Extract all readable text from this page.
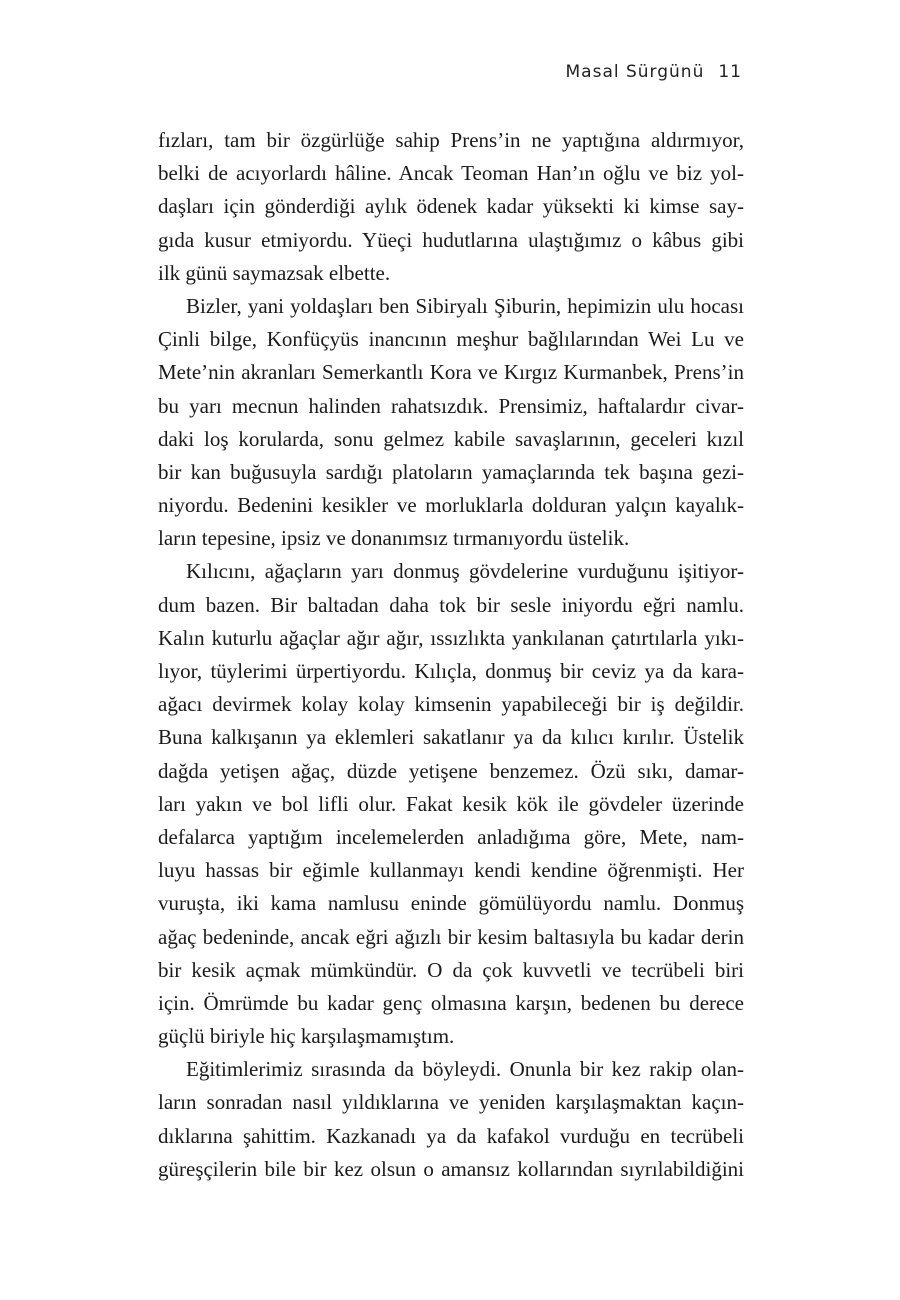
Masal Sürgünü 11

fızları, tam bir özgürlüğe sahip Prens’in ne yaptığına aldırmıyor,
belki de acıyorlardı hâline. Ancak Teoman Han’ın oğlu ve biz yol-
daşları için gönderdiği aylık ödenek kadar yüksekti ki kimse say-
gıda kusur etmiyordu. Yüeçi hudutlarına ulaştığımız o kâbus gibi
ilk günü saymazsak elbette.

Bizler, yani yoldaşları ben Sibiryalı Şiburin, hepimizin ulu hocası
Çinli bilge, Konfüçyüs inancının meşhur bağlılarından Wei Lu ve
Mete’nin akranları Semerkantlı Kora ve Kırgız Kurmanbek, Prens’in
bu yarı mecnun halinden rahatsızdık. Prensimiz, haftalardır civar-
daki loş korularda, sonu gelmez kabile savaşlarının, geceleri kızıl
bir kan buğusuyla sardığı platoların yamaçlarında tek başına gezi-
niyordu. Bedenini kesikler ve morluklarla dolduran yalçın kayalık-
ların tepesine, ipsiz ve donanımsız tırmanıyordu üstelik.

Kılıcını, ağaçların yarı donmuş gövdelerine vurduğunu işitiyor-
dum bazen. Bir baltadan daha tok bir sesle iniyordu eğri namlu.
Kalın kuturlu ağaçlar ağır ağır, ıssızlıkta yankılanan çatırtılarla yıkı-
lıyor, tüylerimi ürpertiyordu. Kılıçla, donmuş bir ceviz ya da kara-
ağacı devirmek kolay kolay kimsenin yapabileceği bir iş değildir.
Buna kalkışanın ya eklemleri sakatlanır ya da kılıcı kırılır. Üstelik
dağda yetişen ağaç, düzde yetişene benzemez. Özü sıkı, damar-
ları yakın ve bol lifli olur. Fakat kesik kök ile gövdeler üzerinde
defalarca yaptığım incelemelerden anladığıma göre, Mete, nam-
luyu hassas bir eğimle kullanmayı kendi kendine öğrenmişti. Her
vuruşta, iki kama namlusu eninde gömülüyordu namlu. Donmuş
ağaç bedeninde, ancak eğri ağızlı bir kesim baltasıyla bu kadar derin
bir kesik açmak mümkündür. O da çok kuvvetli ve tecrübeli biri
için. Ömrümde bu kadar genç olmasına karşın, bedenen bu derece
güçlü biriyle hiç karşılaşmamıştım.

Eğitimlerimiz sırasında da böyleydi. Onunla bir kez rakip olan-
ların sonradan nasıl yıldıklarına ve yeniden karşılaşmaktan kaçın-
dıklarına şahittim. Kazkanadı ya da kafakol vurduğu en tecrübeli
güreşçilerin bile bir kez olsun o amansız kollarından sıyrılabildiğini
